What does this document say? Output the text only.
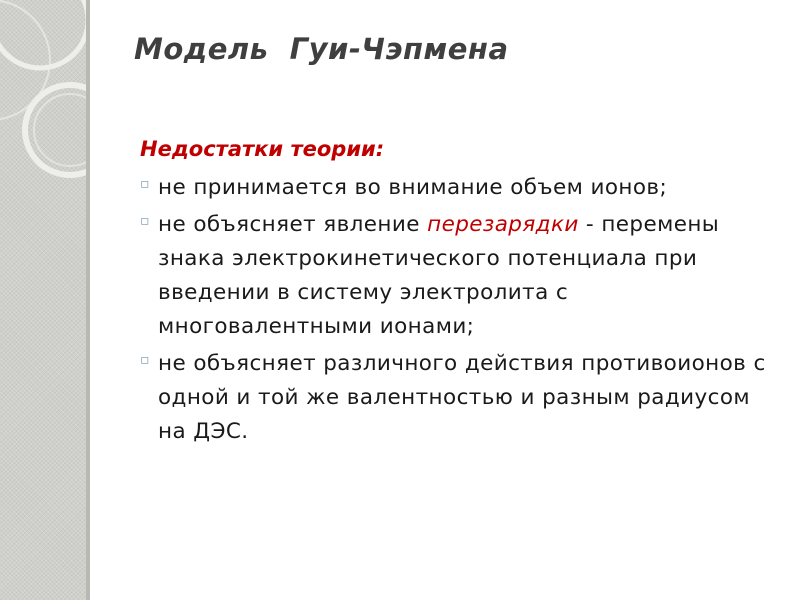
Модель  Гуи-Чэпмена
Недостатки теории:
▫ не принимается во внимание объем ионов;
▫ не объясняет явление перезарядки - перемены знака электрокинетического потенциала при введении в систему электролита с многовалентными ионами;
▫ не объясняет различного действия противоионов с одной и той же валентностью и разным радиусом на ДЭС.
